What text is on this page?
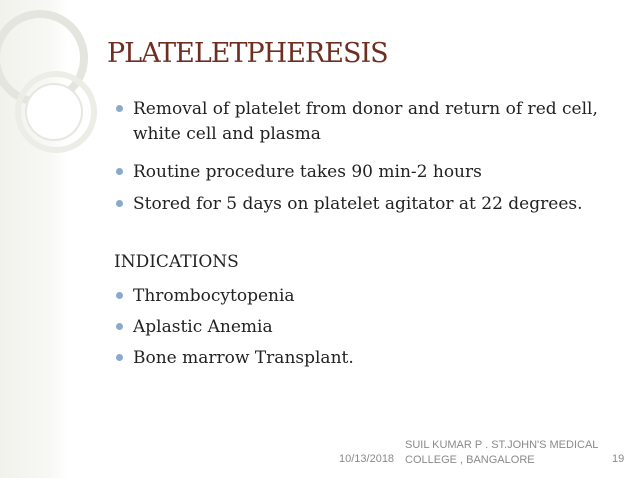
PLATELETPHERESIS
Removal of platelet from donor and return of red cell, white cell and plasma
Routine procedure takes 90 min-2 hours
Stored for 5 days on platelet agitator at 22 degrees.
INDICATIONS
Thrombocytopenia
Aplastic Anemia
Bone marrow Transplant.
10/13/2018
SUIL KUMAR P . ST.JOHN'S MEDICAL
COLLEGE , BANGALORE	19
